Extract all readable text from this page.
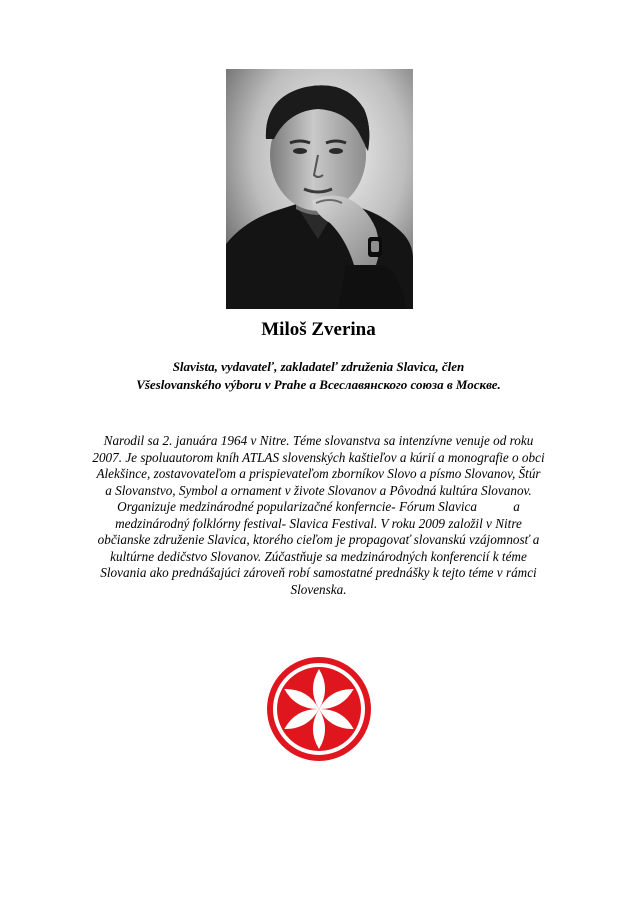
Miloš Zverina

Slavista, vydavateľ, zakladateľ združenia Slavica, člen
Všeslovanského výboru v Prahe a Всеславянского союза в Москве.

Narodil sa 2. januára 1964 v Nitre. Téme slovanstva sa intenzívne venuje od roku
2007. Je spoluautorom kníh ATLAS slovenských kaštieľov a kúrií a monografie o obci
Alekšince, zostavovateľom a prispievateľom zborníkov Slovo a písmo Slovanov, Štúr
a Slovanstvo, Symbol a ornament v živote Slovanov a Pôvodná kultúra Slovanov.
Organizuje medzinárodné popularizačné konferncie- Fórum Slavica           a
medzinárodný folklórny festival- Slavica Festival. V roku 2009 založil v Nitre
občianske združenie Slavica, ktorého cieľom je propagovať slovanskú vzájomnosť a
kultúrne dedičstvo Slovanov. Zúčastňuje sa medzinárodných konferencií k téme
Slovania ako prednášajúci zároveň robí samostatné prednášky k tejto téme v rámci
Slovenska.
